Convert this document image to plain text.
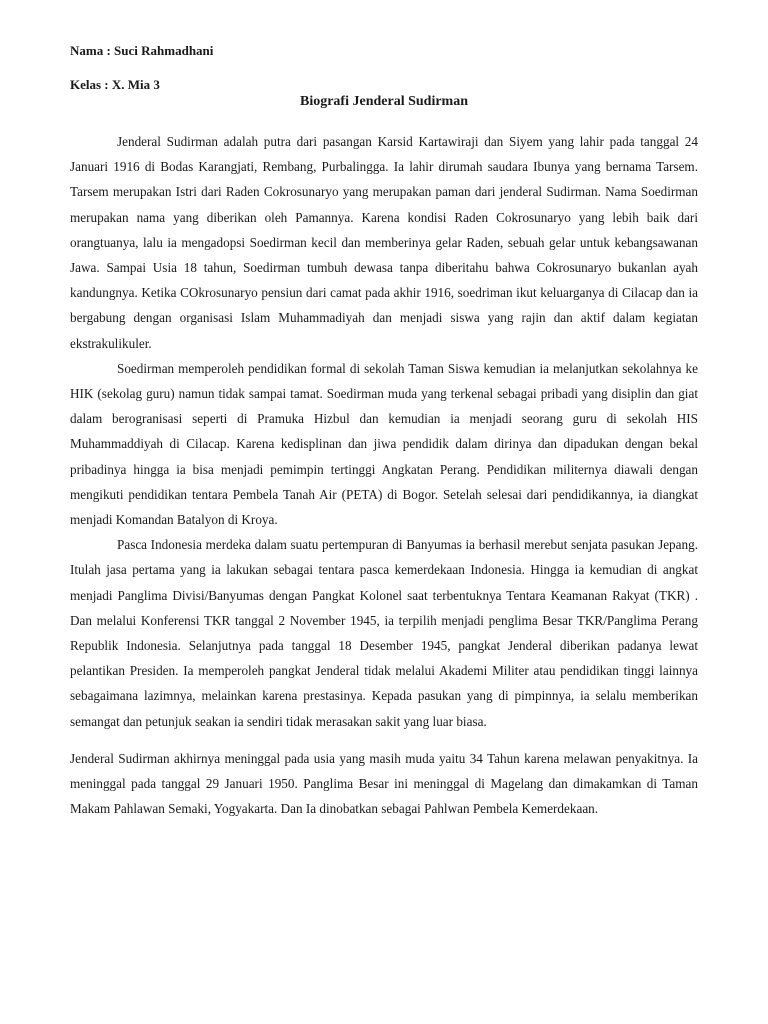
Nama : Suci Rahmadhani

Kelas : X. Mia 3

Biografi Jenderal Sudirman

Jenderal Sudirman adalah putra dari pasangan Karsid Kartawiraji dan Siyem yang lahir pada tanggal 24 Januari 1916 di Bodas Karangjati, Rembang, Purbalingga. Ia lahir dirumah saudara Ibunya yang bernama Tarsem. Tarsem merupakan Istri dari Raden Cokrosunaryo yang merupakan paman dari jenderal Sudirman. Nama Soedirman merupakan nama yang diberikan oleh Pamannya. Karena kondisi Raden Cokrosunaryo yang lebih baik dari orangtuanya, lalu ia mengadopsi Soedirman kecil dan memberinya gelar Raden, sebuah gelar untuk kebangsawanan Jawa. Sampai Usia 18 tahun, Soedirman tumbuh dewasa tanpa diberitahu bahwa Cokrosunaryo bukanlan ayah kandungnya. Ketika COkrosunaryo pensiun dari camat pada akhir 1916, soedriman ikut keluarganya di Cilacap dan ia bergabung dengan organisasi Islam Muhammadiyah dan menjadi siswa yang rajin dan aktif dalam kegiatan ekstrakulikuler.

Soedirman memperoleh pendidikan formal di sekolah Taman Siswa kemudian ia melanjutkan sekolahnya ke HIK (sekolag guru) namun tidak sampai tamat. Soedirman muda yang terkenal sebagai pribadi yang disiplin dan giat dalam berogranisasi seperti di Pramuka Hizbul dan kemudian ia menjadi seorang guru di sekolah HIS Muhammaddiyah di Cilacap. Karena kedisplinan dan jiwa pendidik dalam dirinya dan dipadukan dengan bekal pribadinya hingga ia bisa menjadi pemimpin tertinggi Angkatan Perang. Pendidikan militernya diawali dengan mengikuti pendidikan tentara Pembela Tanah Air (PETA) di Bogor. Setelah selesai dari pendidikannya, ia diangkat menjadi Komandan Batalyon di Kroya.

Pasca Indonesia merdeka dalam suatu pertempuran di Banyumas ia berhasil merebut senjata pasukan Jepang. Itulah jasa pertama yang ia lakukan sebagai tentara pasca kemerdekaan Indonesia. Hingga ia kemudian di angkat menjadi Panglima Divisi/Banyumas dengan Pangkat Kolonel saat terbentuknya Tentara Keamanan Rakyat (TKR) . Dan melalui Konferensi TKR tanggal 2 November 1945, ia terpilih menjadi penglima Besar TKR/Panglima Perang Republik Indonesia. Selanjutnya pada tanggal 18 Desember 1945, pangkat Jenderal diberikan padanya lewat pelantikan Presiden. Ia memperoleh pangkat Jenderal tidak melalui Akademi Militer atau pendidikan tinggi lainnya sebagaimana lazimnya, melainkan karena prestasinya. Kepada pasukan yang di pimpinnya, ia selalu memberikan semangat dan petunjuk seakan ia sendiri tidak merasakan sakit yang luar biasa.

Jenderal Sudirman akhirnya meninggal pada usia yang masih muda yaitu 34 Tahun karena melawan penyakitnya. Ia meninggal pada tanggal 29 Januari 1950. Panglima Besar ini meninggal di Magelang dan dimakamkan di Taman Makam Pahlawan Semaki, Yogyakarta. Dan Ia dinobatkan sebagai Pahlwan Pembela Kemerdekaan.
